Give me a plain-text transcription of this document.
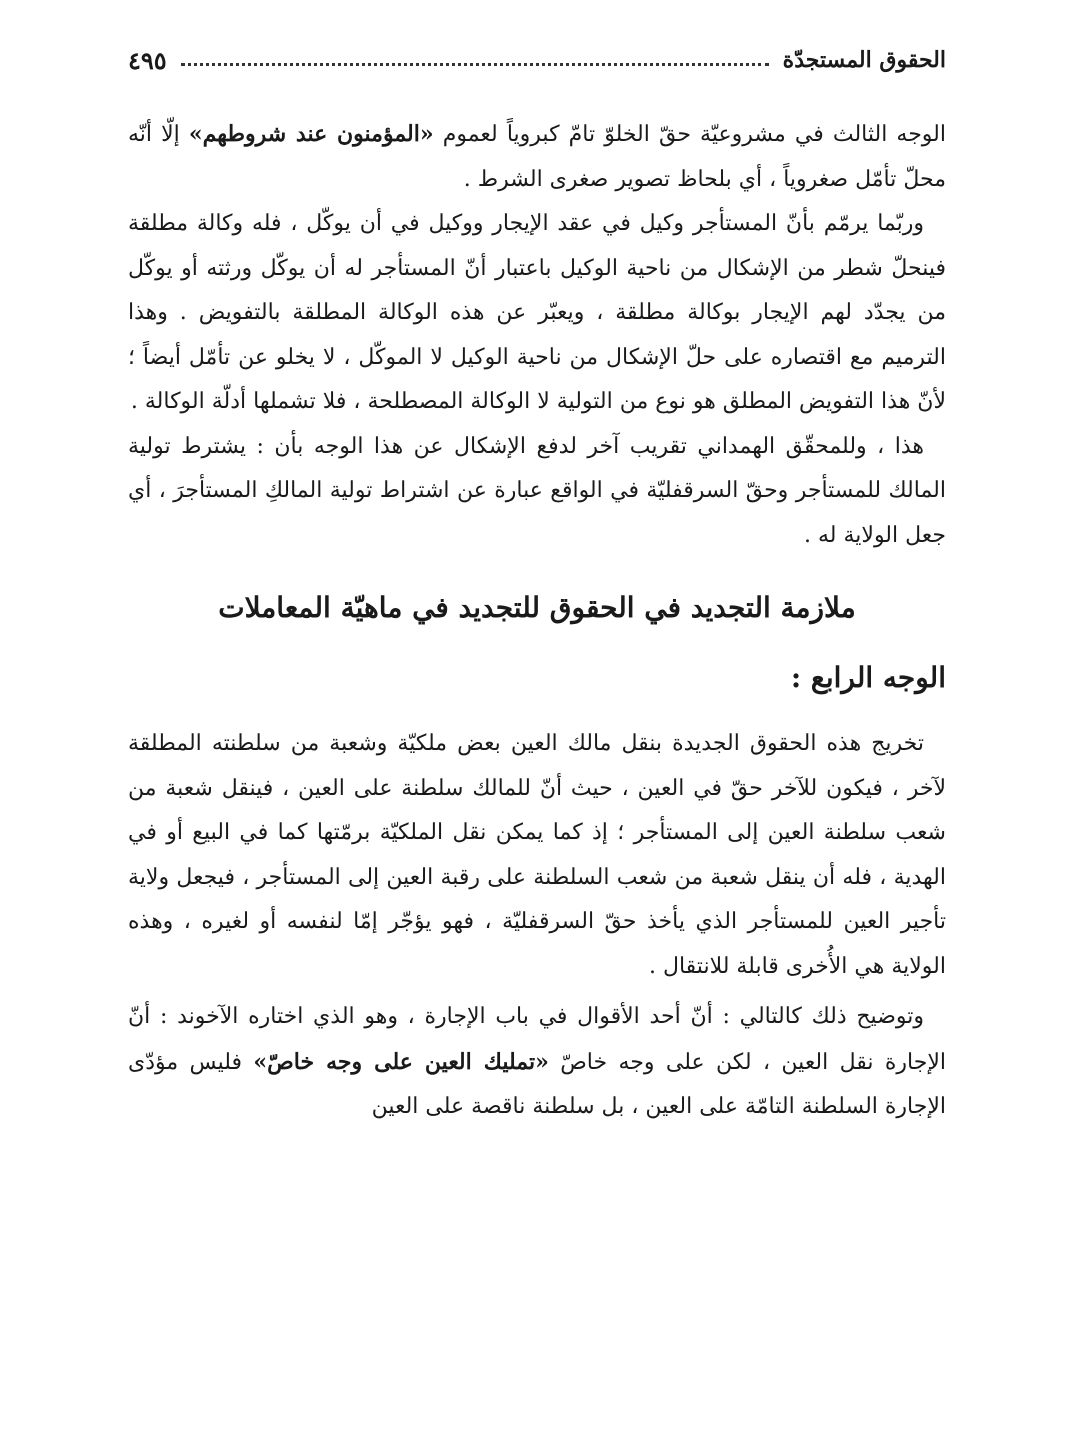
الحقوق المستجدّة
٤٩٥

الوجه الثالث في مشروعيّة حقّ الخلوّ تامّ كبروياً لعموم «المؤمنون عند شروطهم» إلّا أنّه محلّ تأمّل صغروياً ، أي بلحاظ تصوير صغرى الشرط .

وربّما يرمّم بأنّ المستأجر وكيل في عقد الإيجار ووكيل في أن يوكّل ، فله وكالة مطلقة فينحلّ شطر من الإشكال من ناحية الوكيل باعتبار أنّ المستأجر له أن يوكّل ورثته أو يوكّل من يجدّد لهم الإيجار بوكالة مطلقة ، ويعبّر عن هذه الوكالة المطلقة بالتفويض . وهذا الترميم مع اقتصاره على حلّ الإشكال من ناحية الوكيل لا الموكّل ، لا يخلو عن تأمّل أيضاً ؛ لأنّ هذا التفويض المطلق هو نوع من التولية لا الوكالة المصطلحة ، فلا تشملها أدلّة الوكالة .

هذا ، وللمحقّق الهمداني تقريب آخر لدفع الإشكال عن هذا الوجه بأن : يشترط تولية المالك للمستأجر وحقّ السرقفليّة في الواقع عبارة عن اشتراط تولية المالكِ المستأجرَ ، أي جعل الولاية له .

ملازمة التجديد في الحقوق للتجديد في ماهيّة المعاملات
الوجه الرابع :

تخريج هذه الحقوق الجديدة بنقل مالك العين بعض ملكيّة وشعبة من سلطنته المطلقة لآخر ، فيكون للآخر حقّ في العين ، حيث أنّ للمالك سلطنة على العين ، فينقل شعبة من شعب سلطنة العين إلى المستأجر ؛ إذ كما يمكن نقل الملكيّة برمّتها كما في البيع أو في الهدية ، فله أن ينقل شعبة من شعب السلطنة على رقبة العين إلى المستأجر ، فيجعل ولاية تأجير العين للمستأجر الذي يأخذ حقّ السرقفليّة ، فهو يؤجّر إمّا لنفسه أو لغيره ، وهذه الولاية هي الأُخرى قابلة للانتقال .

وتوضيح ذلك كالتالي : أنّ أحد الأقوال في باب الإجارة ، وهو الذي اختاره الآخوند : أنّ الإجارة نقل العين ، لكن على وجه خاصّ «تمليك العين على وجه خاصّ» فليس مؤدّى الإجارة السلطنة التامّة على العين ، بل سلطنة ناقصة على العين
